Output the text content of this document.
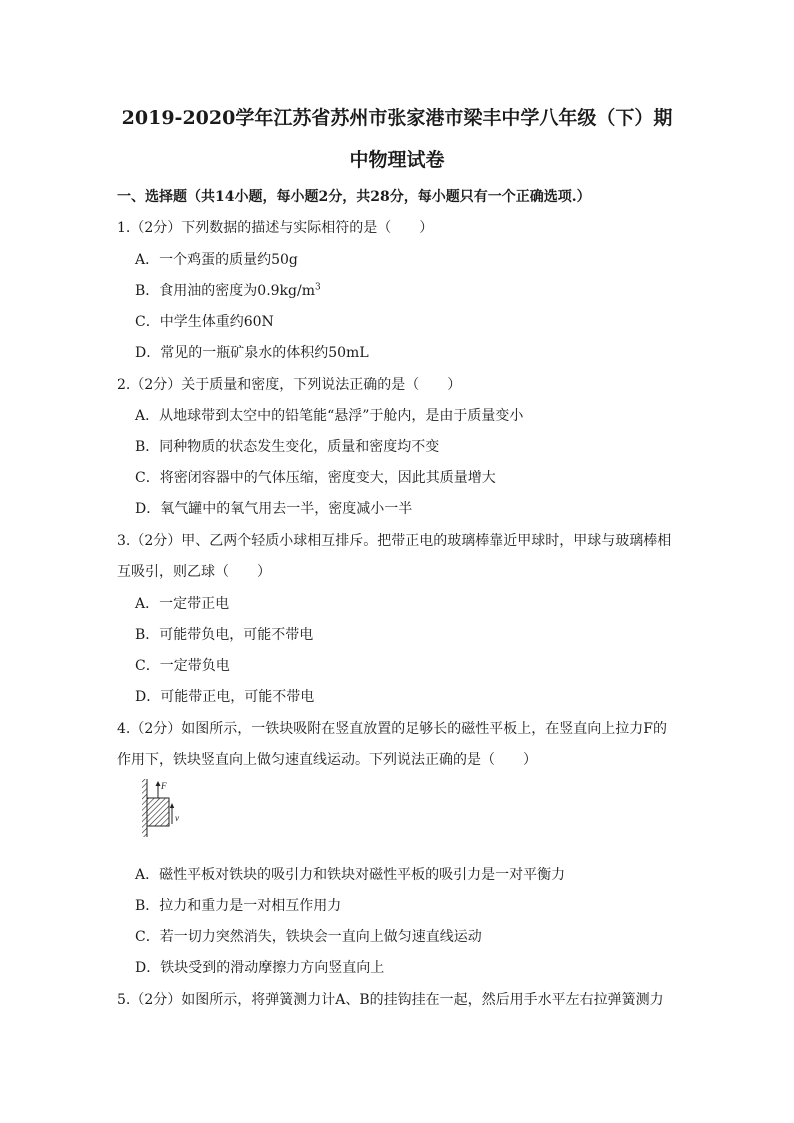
2019-2020学年江苏省苏州市张家港市梁丰中学八年级（下）期
中物理试卷
一、选择题（共14小题，每小题2分，共28分，每小题只有一个正确选项.）
1.（2分）下列数据的描述与实际相符的是（　　）
A．一个鸡蛋的质量约50g
B．食用油的密度为$0.9kg/m^3$
C．中学生体重约60N
D．常见的一瓶矿泉水的体积约50mL
2.（2分）关于质量和密度，下列说法正确的是（　　）
A．从地球带到太空中的铅笔能“悬浮”于舱内，是由于质量变小
B．同种物质的状态发生变化，质量和密度均不变
C．将密闭容器中的气体压缩，密度变大，因此其质量增大
D．氧气罐中的氧气用去一半，密度减小一半
3.（2分）甲、乙两个轻质小球相互排斥。把带正电的玻璃棒靠近甲球时，甲球与玻璃棒相
互吸引，则乙球（　　）
A．一定带正电
B．可能带负电，可能不带电
C．一定带负电
D．可能带正电，可能不带电
4.（2分）如图所示，一铁块吸附在竖直放置的足够长的磁性平板上，在竖直向上拉力F的
作用下，铁块竖直向上做匀速直线运动。下列说法正确的是（　　）
F
v
A．磁性平板对铁块的吸引力和铁块对磁性平板的吸引力是一对平衡力
B．拉力和重力是一对相互作用力
C．若一切力突然消失，铁块会一直向上做匀速直线运动
D．铁块受到的滑动摩擦力方向竖直向上
5.（2分）如图所示，将弹簧测力计A、B的挂钩挂在一起，然后用手水平左右拉弹簧测力
